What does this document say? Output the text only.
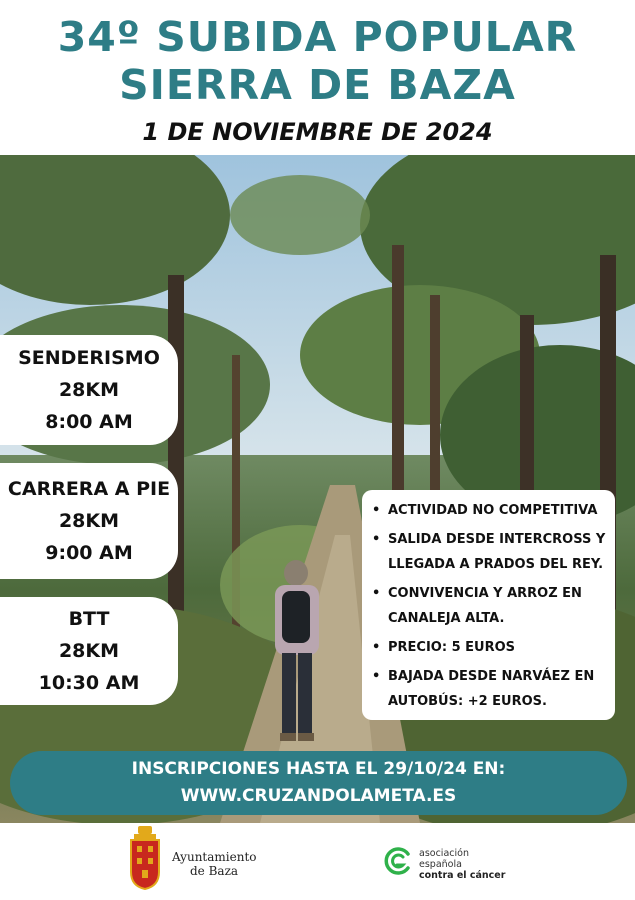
34º SUBIDA POPULAR
SIERRA DE BAZA
1 DE NOVIEMBRE DE 2024
SENDERISMO
28KM
8:00 AM
CARRERA A PIE
28KM
9:00 AM
BTT
28KM
10:30 AM
• ACTIVIDAD NO COMPETITIVA
• SALIDA DESDE INTERCROSS Y
LLEGADA A PRADOS DEL REY.
• CONVIVENCIA Y ARROZ EN
CANALEJA ALTA.
• PRECIO: 5 EUROS
• BAJADA DESDE NARVÁEZ EN
AUTOBÚS: +2 EUROS.
INSCRIPCIONES HASTA EL 29/10/24 EN:
WWW.CRUZANDOLAMETA.ES
Ayuntamiento
de Baza
asociación
española
contra el cáncer
